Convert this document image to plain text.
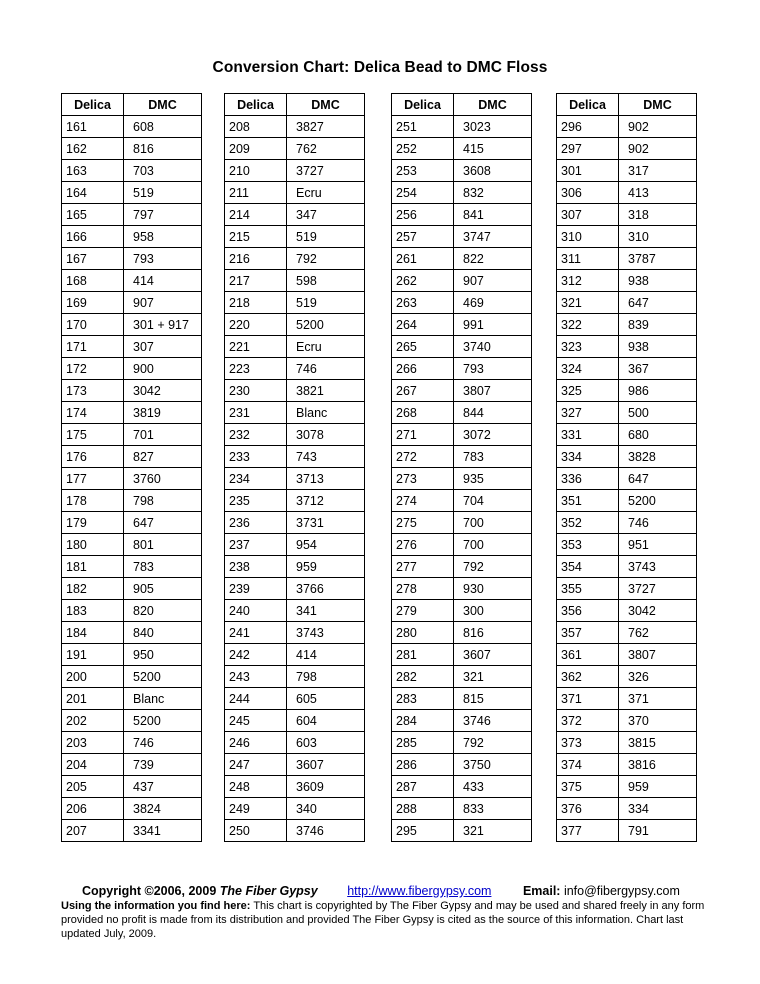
Conversion Chart: Delica Bead to DMC Floss
Delica	DMC
161	608
162	816
163	703
164	519
165	797
166	958
167	793
168	414
169	907
170	301 + 917
171	307
172	900
173	3042
174	3819
175	701
176	827
177	3760
178	798
179	647
180	801
181	783
182	905
183	820
184	840
191	950
200	5200
201	Blanc
202	5200
203	746
204	739
205	437
206	3824
207	3341
Delica	DMC
208	3827
209	762
210	3727
211	Ecru
214	347
215	519
216	792
217	598
218	519
220	5200
221	Ecru
223	746
230	3821
231	Blanc
232	3078
233	743
234	3713
235	3712
236	3731
237	954
238	959
239	3766
240	341
241	3743
242	414
243	798
244	605
245	604
246	603
247	3607
248	3609
249	340
250	3746
Delica	DMC
251	3023
252	415
253	3608
254	832
256	841
257	3747
261	822
262	907
263	469
264	991
265	3740
266	793
267	3807
268	844
271	3072
272	783
273	935
274	704
275	700
276	700
277	792
278	930
279	300
280	816
281	3607
282	321
283	815
284	3746
285	792
286	3750
287	433
288	833
295	321
Delica	DMC
296	902
297	902
301	317
306	413
307	318
310	310
311	3787
312	938
321	647
322	839
323	938
324	367
325	986
327	500
331	680
334	3828
336	647
351	5200
352	746
353	951
354	3743
355	3727
356	3042
357	762
361	3807
362	326
371	371
372	370
373	3815
374	3816
375	959
376	334
377	791
Copyright ©2006, 2009 The Fiber Gypsy http://www.fibergypsy.com	Email: info@fibergypsy.com
Using the information you find here: This chart is copyrighted by The Fiber Gypsy and may be used and shared freely in any form provided no profit is made from its distribution and provided The Fiber Gypsy is cited as the source of this information. Chart last updated July, 2009.
